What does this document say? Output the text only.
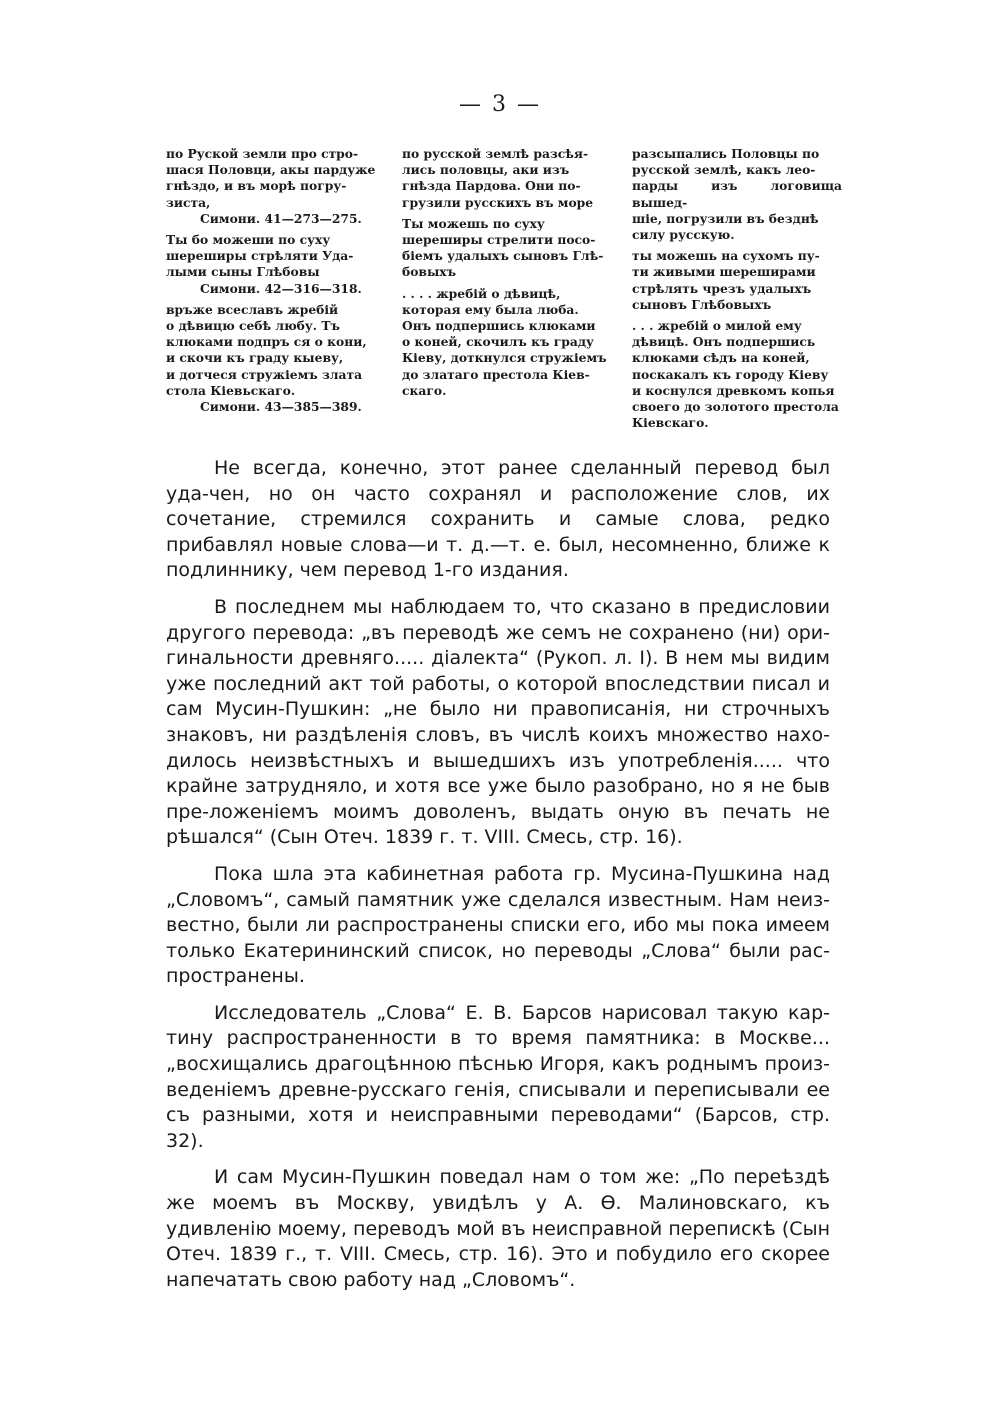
— 3 —

по Руской земли про стро-
шася Половци, акы пардуже
гнѣздо, и въ морѣ погру-
зиста,

Симони. 41—273—275.

Ты бо можеши по суху
шереширы стрѣляти Уда-
лыми сыны Глѣбовы

Симони. 42—316—318.

връже всеславъ жребій
о дѣвицю себѣ любу. Тъ
клюками подпръ ся о кони,
и скочи къ граду кыеву,
и дотчеся стружіемъ злата
стола Кіевьскаго.

Симони. 43—385—389.

по русской землѣ разсѣя-
лись половцы, аки изъ
гнѣзда Пардова. Они по-
грузили русскихъ въ море

Ты можешь по суху
шереширы стрелити посо-
біемъ удалыхъ сыновъ Глѣ-
бовыхъ

. . . . жребій о дѣвицѣ,
которая ему была люба.
Онъ подпершись клюками
о коней, скочилъ къ граду
Кіеву, доткнулся стружіемъ
до златаго престола Кіев-
скаго.

разсыпались Половцы по
русской землѣ, какъ лео-
парды изъ логовища вышед-
шіе, погрузили въ безднѣ
силу русскую.

ты можешь на сухомъ пу-
ти живыми шереширами
стрѣлять чрезъ удалыхъ
сыновъ Глѣбовыхъ

. . . жребій о милой ему
дѣвицѣ. Онъ подпершись
клюками сѣдъ на коней,
поскакалъ къ городу Кіеву
и коснулся древкомъ копья
своего до золотого престола
Кіевскаго.

Не всегда, конечно, этот ранее сделанный перевод был уда-чен, но он часто сохранял и расположение слов, их сочетание, стремился сохранить и самые слова, редко прибавлял новые слова—и т. д.—т. е. был, несомненно, ближе к подлиннику, чем перевод 1-го издания.

В последнем мы наблюдаем то, что сказано в предисловии другого перевода: „въ переводѣ же семъ не сохранено (ни) ори-гинальности древняго..... діалекта“ (Рукоп. л. I). В нем мы видим уже последний акт той работы, о которой впоследствии писал и сам Мусин-Пушкин: „не было ни правописанія, ни строчныхъ знаковъ, ни раздѣленія словъ, въ числѣ коихъ множество нахо-дилось неизвѣстныхъ и вышедшихъ изъ употребленія..... что крайне затрудняло, и хотя все уже было разобрано, но я не быв пре-ложеніемъ моимъ доволенъ, выдать оную въ печать не рѣшался“ (Сын Отеч. 1839 г. т. VIII. Смесь, стр. 16).

Пока шла эта кабинетная работа гр. Мусина-Пушкина над „Словомъ“, самый памятник уже сделался известным. Нам неиз-вестно, были ли распространены списки его, ибо мы пока имеем только Екатерининский список, но переводы „Слова“ были рас-пространены.

Исследователь „Слова“ Е. В. Барсов нарисовал такую кар-тину распространенности в то время памятника: в Москве... „восхищались драгоцѣнною пѣснью Игоря, какъ роднымъ произ-веденіемъ древне-русскаго генія, списывали и переписывали ее съ разными, хотя и неисправными переводами“ (Барсов, стр. 32).

И сам Мусин-Пушкин поведал нам о том же: „По переѣздѣ же моемъ въ Москву, увидѣлъ у А. Ѳ. Малиновскаго, къ удивленію моему, переводъ мой въ неисправной перепискѣ (Сын Отеч. 1839 г., т. VIII. Смесь, стр. 16). Это и побудило его скорее напечатать свою работу над „Словомъ“.
